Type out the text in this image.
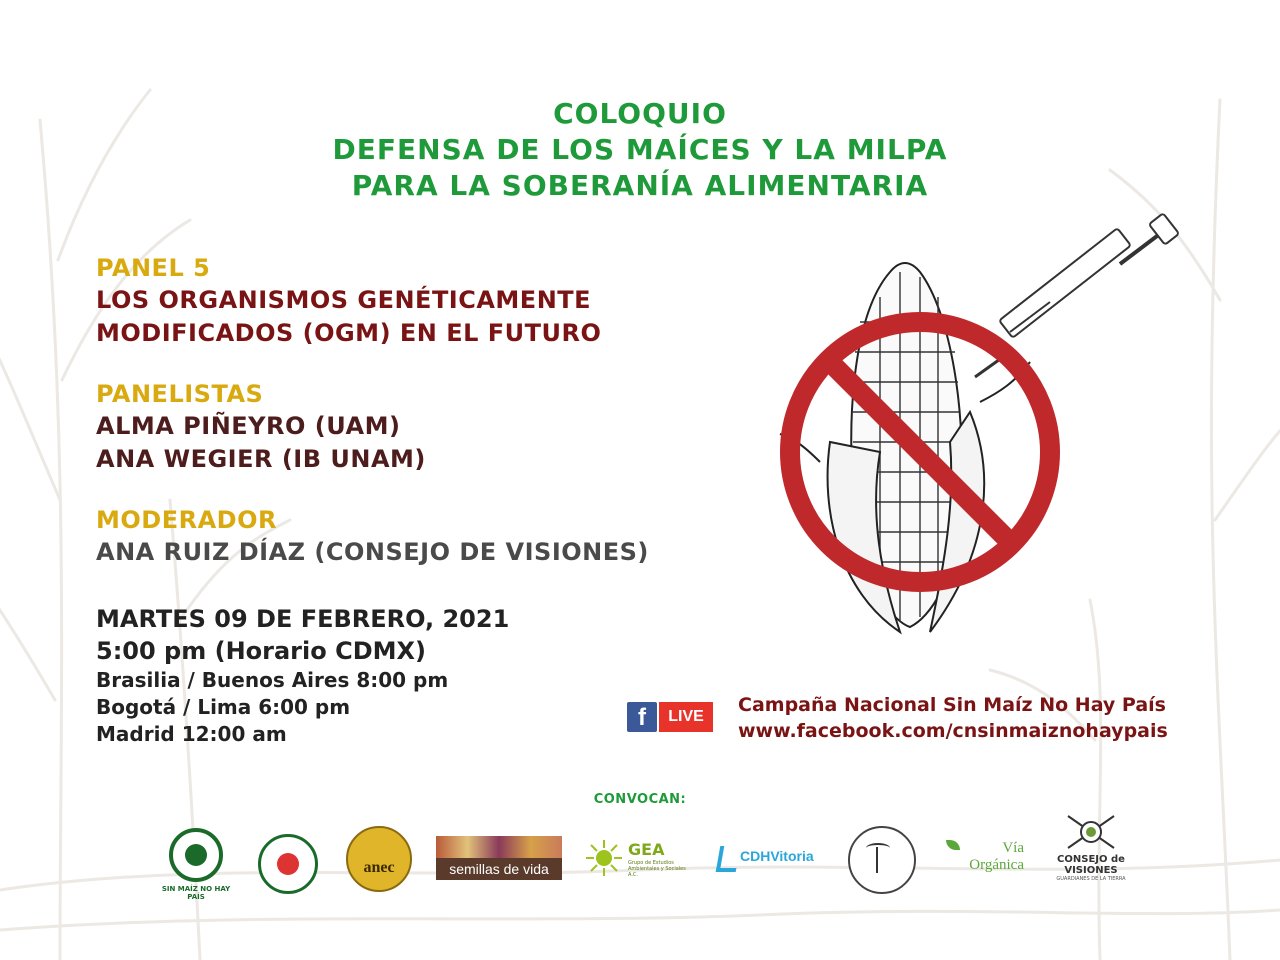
COLOQUIO
DEFENSA DE LOS MAÍCES Y LA MILPA
PARA LA SOBERANÍA ALIMENTARIA
PANEL 5
LOS ORGANISMOS GENÉTICAMENTE
MODIFICADOS (OGM) EN EL FUTURO
PANELISTAS
ALMA PIÑEYRO (UAM)
ANA WEGIER (IB UNAM)
MODERADOR
ANA RUIZ DÍAZ (CONSEJO DE VISIONES)
MARTES 09 DE FEBRERO, 2021
5:00 pm (Horario CDMX)
Brasilia / Buenos Aires 8:00 pm
Bogotá / Lima 6:00 pm
Madrid 12:00 am
f	LIVE
Campaña Nacional Sin Maíz No Hay País
www.facebook.com/cnsinmaiznohaypais
CONVOCAN:
SIN MAÍZ NO HAY PAÍS
anec	semillas de vida
GEA
Grupo de Estudios Ambientales y Sociales A.C.
CDHVitoria	Vía Orgánica	CONSEJO de VISIONES
GUARDIANES DE LA TIERRA
